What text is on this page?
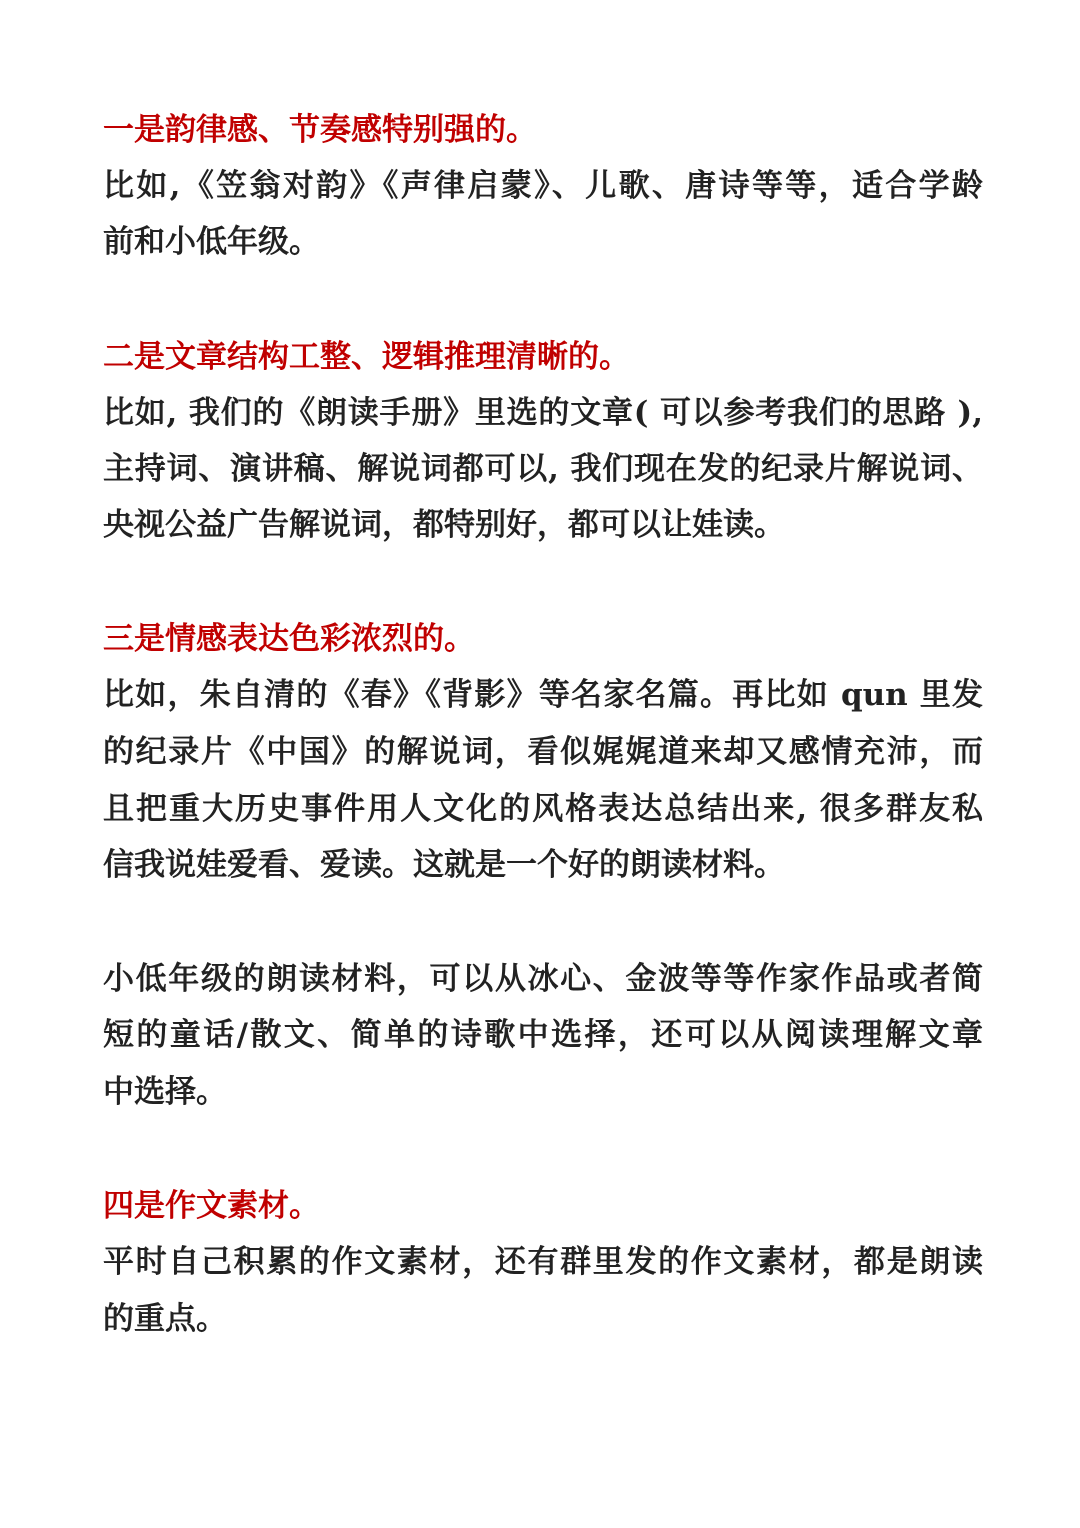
一是韵律感、节奏感特别强的。

比如,《笠翁对韵》《声律启蒙》、儿歌、唐诗等等，适合学龄

前和小低年级。

二是文章结构工整、逻辑推理清晰的。

比如, 我们的《朗读手册》里选的文章( 可以参考我们的思路 ),

主持词、演讲稿、解说词都可以, 我们现在发的纪录片解说词、

央视公益广告解说词，都特别好，都可以让娃读。

三是情感表达色彩浓烈的。

比如，朱自清的《春》《背影》等名家名篇。再比如 qun 里发

的纪录片《中国》的解说词，看似娓娓道来却又感情充沛，而

且把重大历史事件用人文化的风格表达总结出来, 很多群友私

信我说娃爱看、爱读。这就是一个好的朗读材料。

小低年级的朗读材料，可以从冰心、金波等等作家作品或者简

短的童话/散文、简单的诗歌中选择，还可以从阅读理解文章

中选择。

四是作文素材。

平时自己积累的作文素材，还有群里发的作文素材，都是朗读

的重点。
